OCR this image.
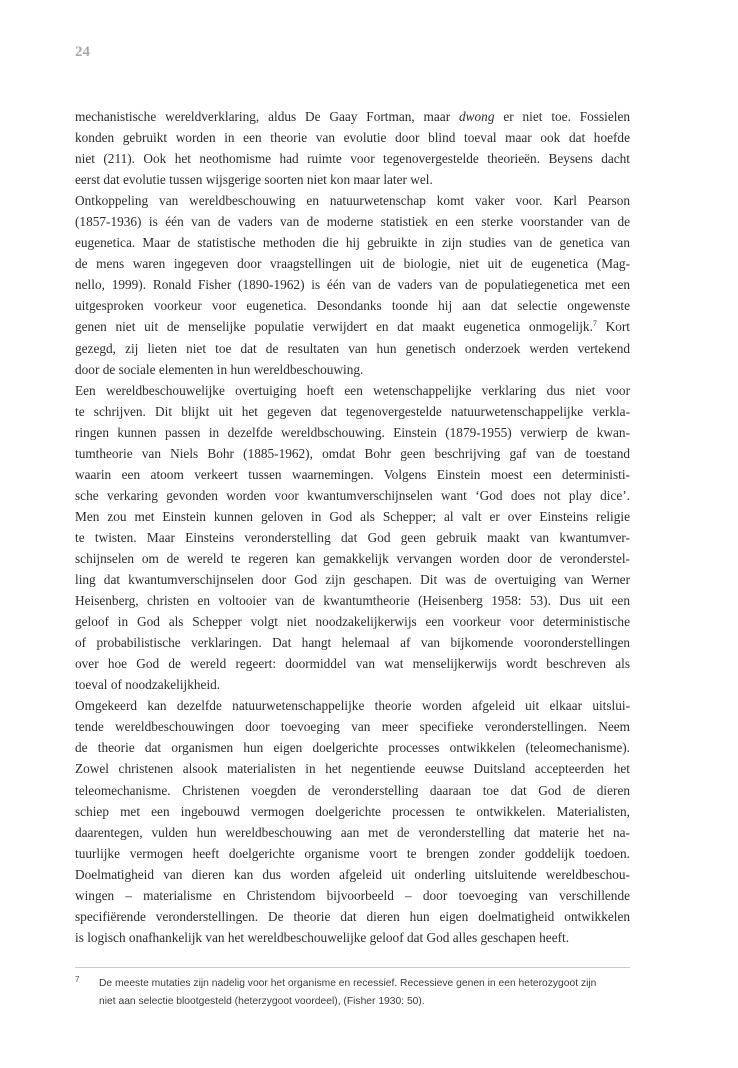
24
mechanistische wereldverklaring, aldus De Gaay Fortman, maar dwong er niet toe. Fossielen
konden gebruikt worden in een theorie van evolutie door blind toeval maar ook dat hoefde
niet (211). Ook het neothomisme had ruimte voor tegenovergestelde theorieën. Beysens dacht
eerst dat evolutie tussen wijsgerige soorten niet kon maar later wel.
Ontkoppeling van wereldbeschouwing en natuurwetenschap komt vaker voor. Karl Pearson
(1857-1936) is één van de vaders van de moderne statistiek en een sterke voorstander van de
eugenetica. Maar de statistische methoden die hij gebruikte in zijn studies van de genetica van
de mens waren ingegeven door vraagstellingen uit de biologie, niet uit de eugenetica (Mag-
nello, 1999). Ronald Fisher (1890-1962) is één van de vaders van de populatiegenetica met een
uitgesproken voorkeur voor eugenetica. Desondanks toonde hij aan dat selectie ongewenste
genen niet uit de menselijke populatie verwijdert en dat maakt eugenetica onmogelijk.$^7$ Kort
gezegd, zij lieten niet toe dat de resultaten van hun genetisch onderzoek werden vertekend
door de sociale elementen in hun wereldbeschouwing.
Een wereldbeschouwelijke overtuiging hoeft een wetenschappelijke verklaring dus niet voor
te schrijven. Dit blijkt uit het gegeven dat tegenovergestelde natuurwetenschappelijke verkla-
ringen kunnen passen in dezelfde wereldbschouwing. Einstein (1879-1955) verwierp de kwan-
tumtheorie van Niels Bohr (1885-1962), omdat Bohr geen beschrijving gaf van de toestand
waarin een atoom verkeert tussen waarnemingen. Volgens Einstein moest een deterministi-
sche verkaring gevonden worden voor kwantumverschijnselen want ‘God does not play dice’.
Men zou met Einstein kunnen geloven in God als Schepper; al valt er over Einsteins religie
te twisten. Maar Einsteins veronderstelling dat God geen gebruik maakt van kwantumver-
schijnselen om de wereld te regeren kan gemakkelijk vervangen worden door de veronderstel-
ling dat kwantumverschijnselen door God zijn geschapen. Dit was de overtuiging van Werner
Heisenberg, christen en voltooier van de kwantumtheorie (Heisenberg 1958: 53). Dus uit een
geloof in God als Schepper volgt niet noodzakelijkerwijs een voorkeur voor deterministische
of probabilistische verklaringen. Dat hangt helemaal af van bijkomende vooronderstellingen
over hoe God de wereld regeert: doormiddel van wat menselijkerwijs wordt beschreven als
toeval of noodzakelijkheid.
Omgekeerd kan dezelfde natuurwetenschappelijke theorie worden afgeleid uit elkaar uitslui-
tende wereldbeschouwingen door toevoeging van meer specifieke veronderstellingen. Neem
de theorie dat organismen hun eigen doelgerichte processes ontwikkelen (teleomechanisme).
Zowel christenen alsook materialisten in het negentiende eeuwse Duitsland accepteerden het
teleomechanisme. Christenen voegden de veronderstelling daaraan toe dat God de dieren
schiep met een ingebouwd vermogen doelgerichte processen te ontwikkelen. Materialisten,
daarentegen, vulden hun wereldbeschouwing aan met de veronderstelling dat materie het na-
tuurlijke vermogen heeft doelgerichte organisme voort te brengen zonder goddelijk toedoen.
Doelmatigheid van dieren kan dus worden afgeleid uit onderling uitsluitende wereldbeschou-
wingen – materialisme en Christendom bijvoorbeeld – door toevoeging van verschillende
specifiërende veronderstellingen. De theorie dat dieren hun eigen doelmatigheid ontwikkelen
is logisch onafhankelijk van het wereldbeschouwelijke geloof dat God alles geschapen heeft.
7 De meeste mutaties zijn nadelig voor het organisme en recessief. Recessieve genen in een heterozygoot zijn
niet aan selectie blootgesteld (heterzygoot voordeel), (Fisher 1930: 50).
